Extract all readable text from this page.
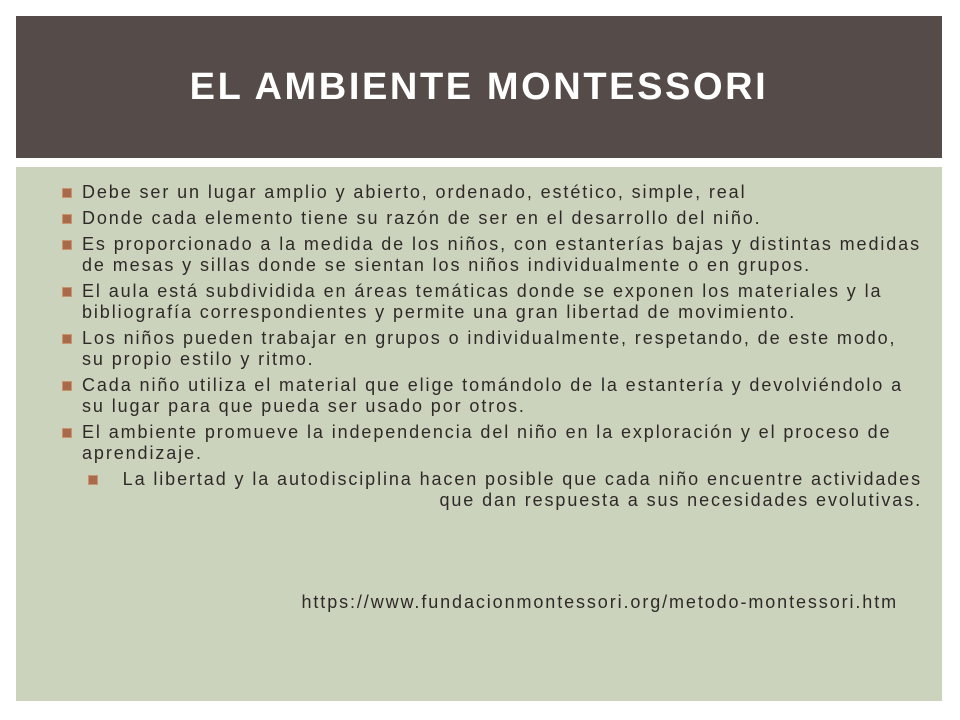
EL AMBIENTE MONTESSORI
Debe ser un lugar amplio y abierto, ordenado, estético, simple, real
Donde cada elemento tiene su razón de ser en el desarrollo del niño.
Es proporcionado a la medida de los niños, con estanterías bajas y distintas medidas de mesas y sillas donde se sientan los niños individualmente o en grupos.
El aula está subdividida en áreas temáticas donde se exponen los materiales y la bibliografía correspondientes y permite una gran libertad de movimiento.
Los niños pueden trabajar en grupos o individualmente, respetando, de este modo, su propio estilo y ritmo.
Cada niño utiliza el material que elige tomándolo de la estantería y devolviéndolo a su lugar para que pueda ser usado por otros.
El ambiente promueve la independencia del niño en la exploración y el proceso de aprendizaje.
La libertad y la autodisciplina hacen posible que cada niño encuentre actividades que dan respuesta a sus necesidades evolutivas.
https://www.fundacionmontessori.org/metodo-montessori.htm
